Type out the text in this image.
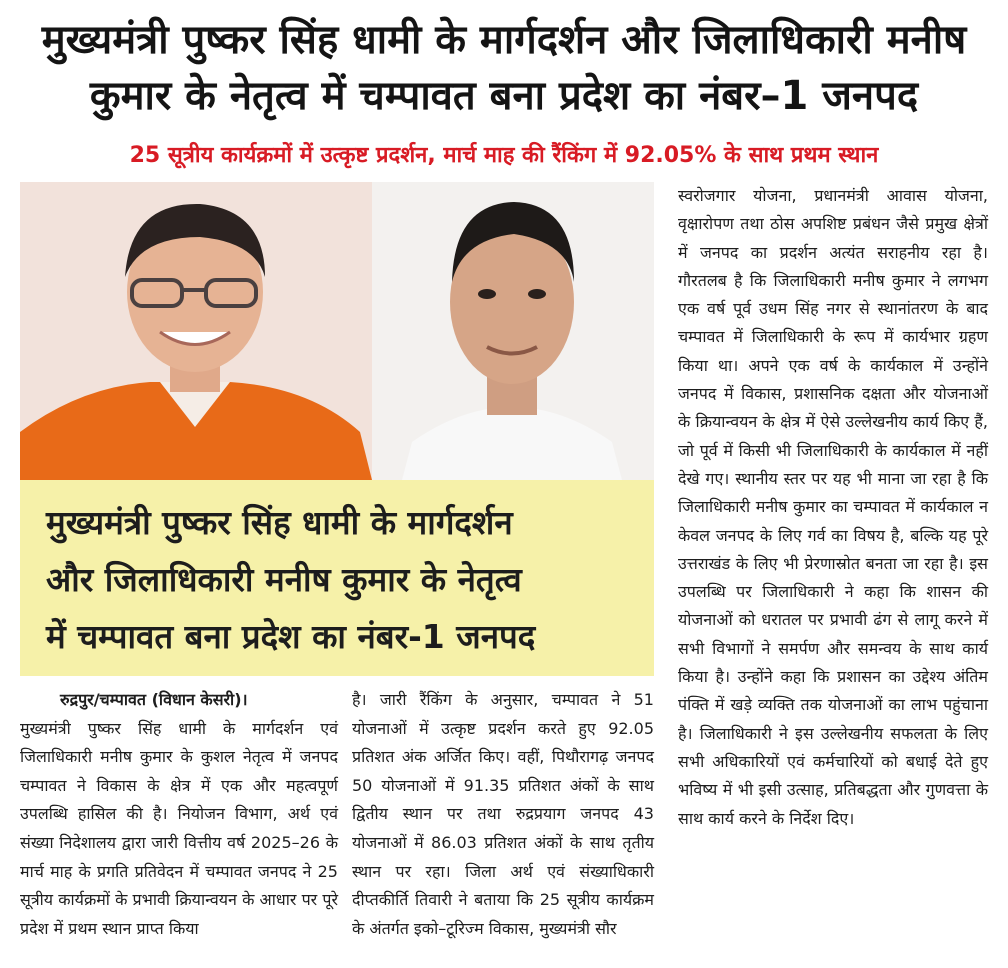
मुख्यमंत्री पुष्कर सिंह धामी के मार्गदर्शन और जिलाधिकारी मनीष
कुमार के नेतृत्व में चम्पावत बना प्रदेश का नंबर–1 जनपद
25 सूत्रीय कार्यक्रमों में उत्कृष्ट प्रदर्शन, मार्च माह की रैंकिंग में 92.05% के साथ प्रथम स्थान

मुख्यमंत्री पुष्कर सिंह धामी के मार्गदर्शन

और जिलाधिकारी मनीष कुमार के नेतृत्व

में चम्पावत बना प्रदेश का नंबर-1 जनपद

रुद्रपुर/चम्पावत (विधान केसरी)।
मुख्यमंत्री पुष्कर सिंह धामी के मार्गदर्शन एवं जिलाधिकारी मनीष कुमार के कुशल नेतृत्व में जनपद चम्पावत ने विकास के क्षेत्र में एक और महत्वपूर्ण उपलब्धि हासिल की है। नियोजन विभाग, अर्थ एवं संख्या निदेशालय द्वारा जारी वित्तीय वर्ष 2025–26 के मार्च माह के प्रगति प्रतिवेदन में चम्पावत जनपद ने 25 सूत्रीय कार्यक्रमों के प्रभावी क्रियान्वयन के आधार पर पूरे प्रदेश में प्रथम स्थान प्राप्त किया

है। जारी रैंकिंग के अनुसार, चम्पावत ने 51 योजनाओं में उत्कृष्ट प्रदर्शन करते हुए 92.05 प्रतिशत अंक अर्जित किए। वहीं, पिथौरागढ़ जनपद 50 योजनाओं में 91.35 प्रतिशत अंकों के साथ द्वितीय स्थान पर तथा रुद्रप्रयाग जनपद 43 योजनाओं में 86.03 प्रतिशत अंकों के साथ तृतीय स्थान पर रहा। जिला अर्थ एवं संख्याधिकारी दीप्तकीर्ति तिवारी ने बताया कि 25 सूत्रीय कार्यक्रम के अंतर्गत इको–टूरिज्म विकास, मुख्यमंत्री सौर

स्वरोजगार योजना, प्रधानमंत्री आवास योजना, वृक्षारोपण तथा ठोस अपशिष्ट प्रबंधन जैसे प्रमुख क्षेत्रों में जनपद का प्रदर्शन अत्यंत सराहनीय रहा है। गौरतलब है कि जिलाधिकारी मनीष कुमार ने लगभग एक वर्ष पूर्व उधम सिंह नगर से स्थानांतरण के बाद चम्पावत में जिलाधिकारी के रूप में कार्यभार ग्रहण किया था। अपने एक वर्ष के कार्यकाल में उन्होंने जनपद में विकास, प्रशासनिक दक्षता और योजनाओं के क्रियान्वयन के क्षेत्र में ऐसे उल्लेखनीय कार्य किए हैं, जो पूर्व में किसी भी जिलाधिकारी के कार्यकाल में नहीं देखे गए। स्थानीय स्तर पर यह भी माना जा रहा है कि जिलाधिकारी मनीष कुमार का चम्पावत में कार्यकाल न केवल जनपद के लिए गर्व का विषय है, बल्कि यह पूरे उत्तराखंड के लिए भी प्रेरणास्रोत बनता जा रहा है। इस उपलब्धि पर जिलाधिकारी ने कहा कि शासन की योजनाओं को धरातल पर प्रभावी ढंग से लागू करने में सभी विभागों ने समर्पण और समन्वय के साथ कार्य किया है। उन्होंने कहा कि प्रशासन का उद्देश्य अंतिम पंक्ति में खड़े व्यक्ति तक योजनाओं का लाभ पहुंचाना है। जिलाधिकारी ने इस उल्लेखनीय सफलता के लिए सभी अधिकारियों एवं कर्मचारियों को बधाई देते हुए भविष्य में भी इसी उत्साह, प्रतिबद्धता और गुणवत्ता के साथ कार्य करने के निर्देश दिए।
